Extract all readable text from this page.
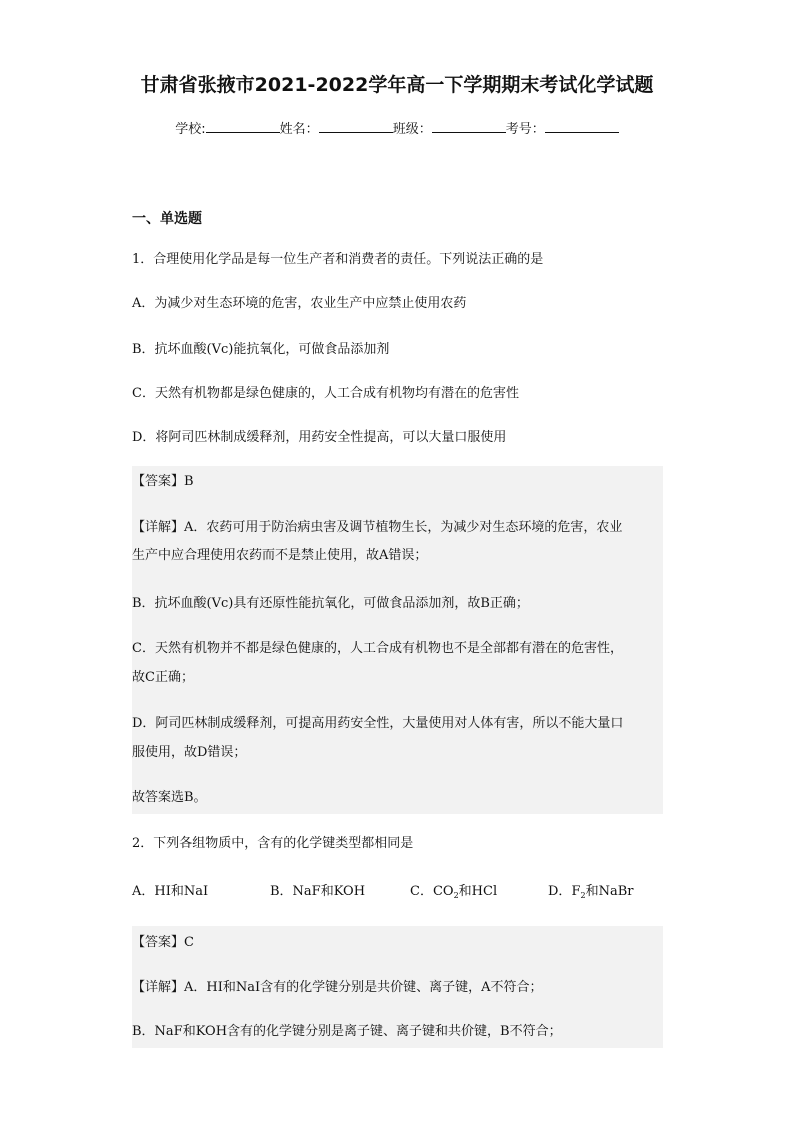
甘肃省张掖市2021-2022学年高一下学期期末考试化学试题
学校:	姓名：	班级：	考号：
一、单选题
1．合理使用化学品是每一位生产者和消费者的责任。下列说法正确的是
A．为减少对生态环境的危害，农业生产中应禁止使用农药
B．抗坏血酸(Vc)能抗氧化，可做食品添加剂
C．天然有机物都是绿色健康的，人工合成有机物均有潜在的危害性
D．将阿司匹林制成缓释剂，用药安全性提高，可以大量口服使用
【答案】B
【详解】A．农药可用于防治病虫害及调节植物生长，为减少对生态环境的危害，农业
生产中应合理使用农药而不是禁止使用，故A错误；
B．抗坏血酸(Vc)具有还原性能抗氧化，可做食品添加剂，故B正确；
C．天然有机物并不都是绿色健康的，人工合成有机物也不是全部都有潜在的危害性，
故C正确；
D．阿司匹林制成缓释剂，可提高用药安全性，大量使用对人体有害，所以不能大量口
服使用，故D错误；
故答案选B。
2．下列各组物质中，含有的化学键类型都相同是
A．HI和NaI	B．NaF和KOH	C．$CO_2$和HCl	D．$F_2$和NaBr
【答案】C
【详解】A．HI和NaI含有的化学键分别是共价键、离子键，A不符合；
B．NaF和KOH含有的化学键分别是离子键、离子键和共价键，B不符合；
